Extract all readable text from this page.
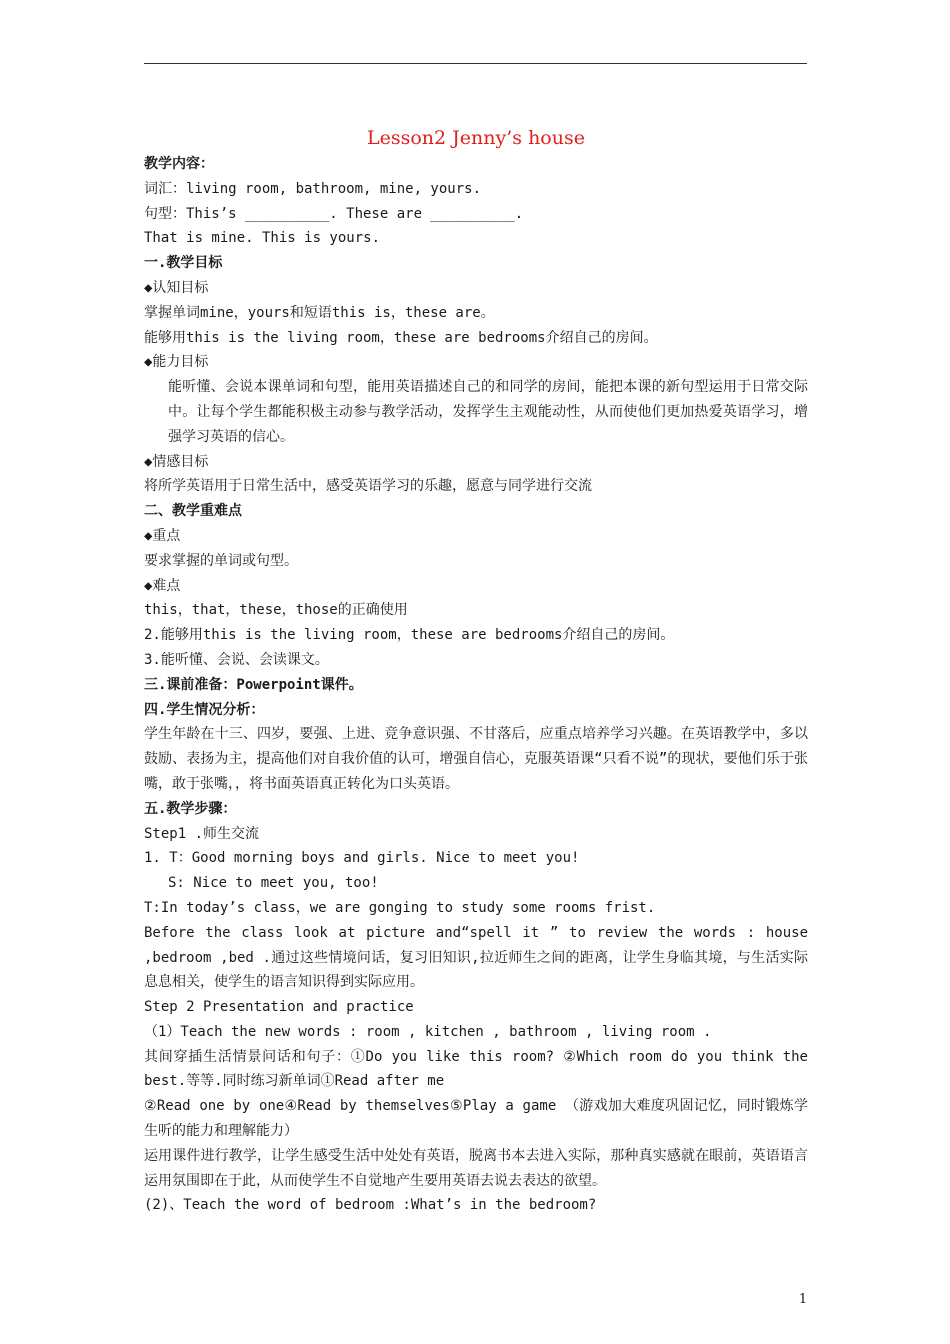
Lesson2 Jenny’s house
教学内容：
词汇：living room, bathroom, mine, yours.
句型：This’s __________. These are __________.
That is mine. This is yours.
一.教学目标
◆认知目标
掌握单词mine，yours和短语this is，these are。
能够用this is the living room，these are bedrooms介绍自己的房间。
◆能力目标
能听懂、会说本课单词和句型，能用英语描述自己的和同学的房间，能把本课的新句型运用于日常交际中。让每个学生都能积极主动参与教学活动，发挥学生主观能动性，从而使他们更加热爱英语学习，增强学习英语的信心。
◆情感目标
将所学英语用于日常生活中，感受英语学习的乐趣，愿意与同学进行交流
二、教学重难点
◆重点
要求掌握的单词或句型。
◆难点
this，that，these，those的正确使用
2.能够用this is the living room，these are bedrooms介绍自己的房间。
3.能听懂、会说、会读课文。
三.课前准备：Powerpoint课件。
四.学生情况分析：
学生年龄在十三、四岁，要强、上进、竞争意识强、不甘落后，应重点培养学习兴趣。在英语教学中，多以鼓励、表扬为主，提高他们对自我价值的认可，增强自信心，克服英语课“只看不说”的现状，要他们乐于张嘴，敢于张嘴，，将书面英语真正转化为口头英语。
五.教学步骤：
Step1 .师生交流
1. T：Good morning boys and girls. Nice to meet you!
S: Nice to meet you, too!
T:In today’s class，we are gonging to study some rooms frist.
Before the class look at picture and“spell it ” to review the words : house ,bedroom ,bed .通过这些情境问话，复习旧知识,拉近师生之间的距离，让学生身临其境，与生活实际息息相关，使学生的语言知识得到实际应用。
Step 2 Presentation and practice
（1）Teach the new words : room , kitchen , bathroom , living room .
其间穿插生活情景问话和句子：①Do you like this room? ②Which room do you think the best.等等.同时练习新单词①Read after me
②Read one by one④Read by themselves⑤Play a game （游戏加大难度巩固记忆，同时锻炼学生听的能力和理解能力）
运用课件进行教学，让学生感受生活中处处有英语，脱离书本去进入实际，那种真实感就在眼前，英语语言运用氛围即在于此，从而使学生不自觉地产生要用英语去说去表达的欲望。
(2)、Teach the word of bedroom :What’s in the bedroom?
1
